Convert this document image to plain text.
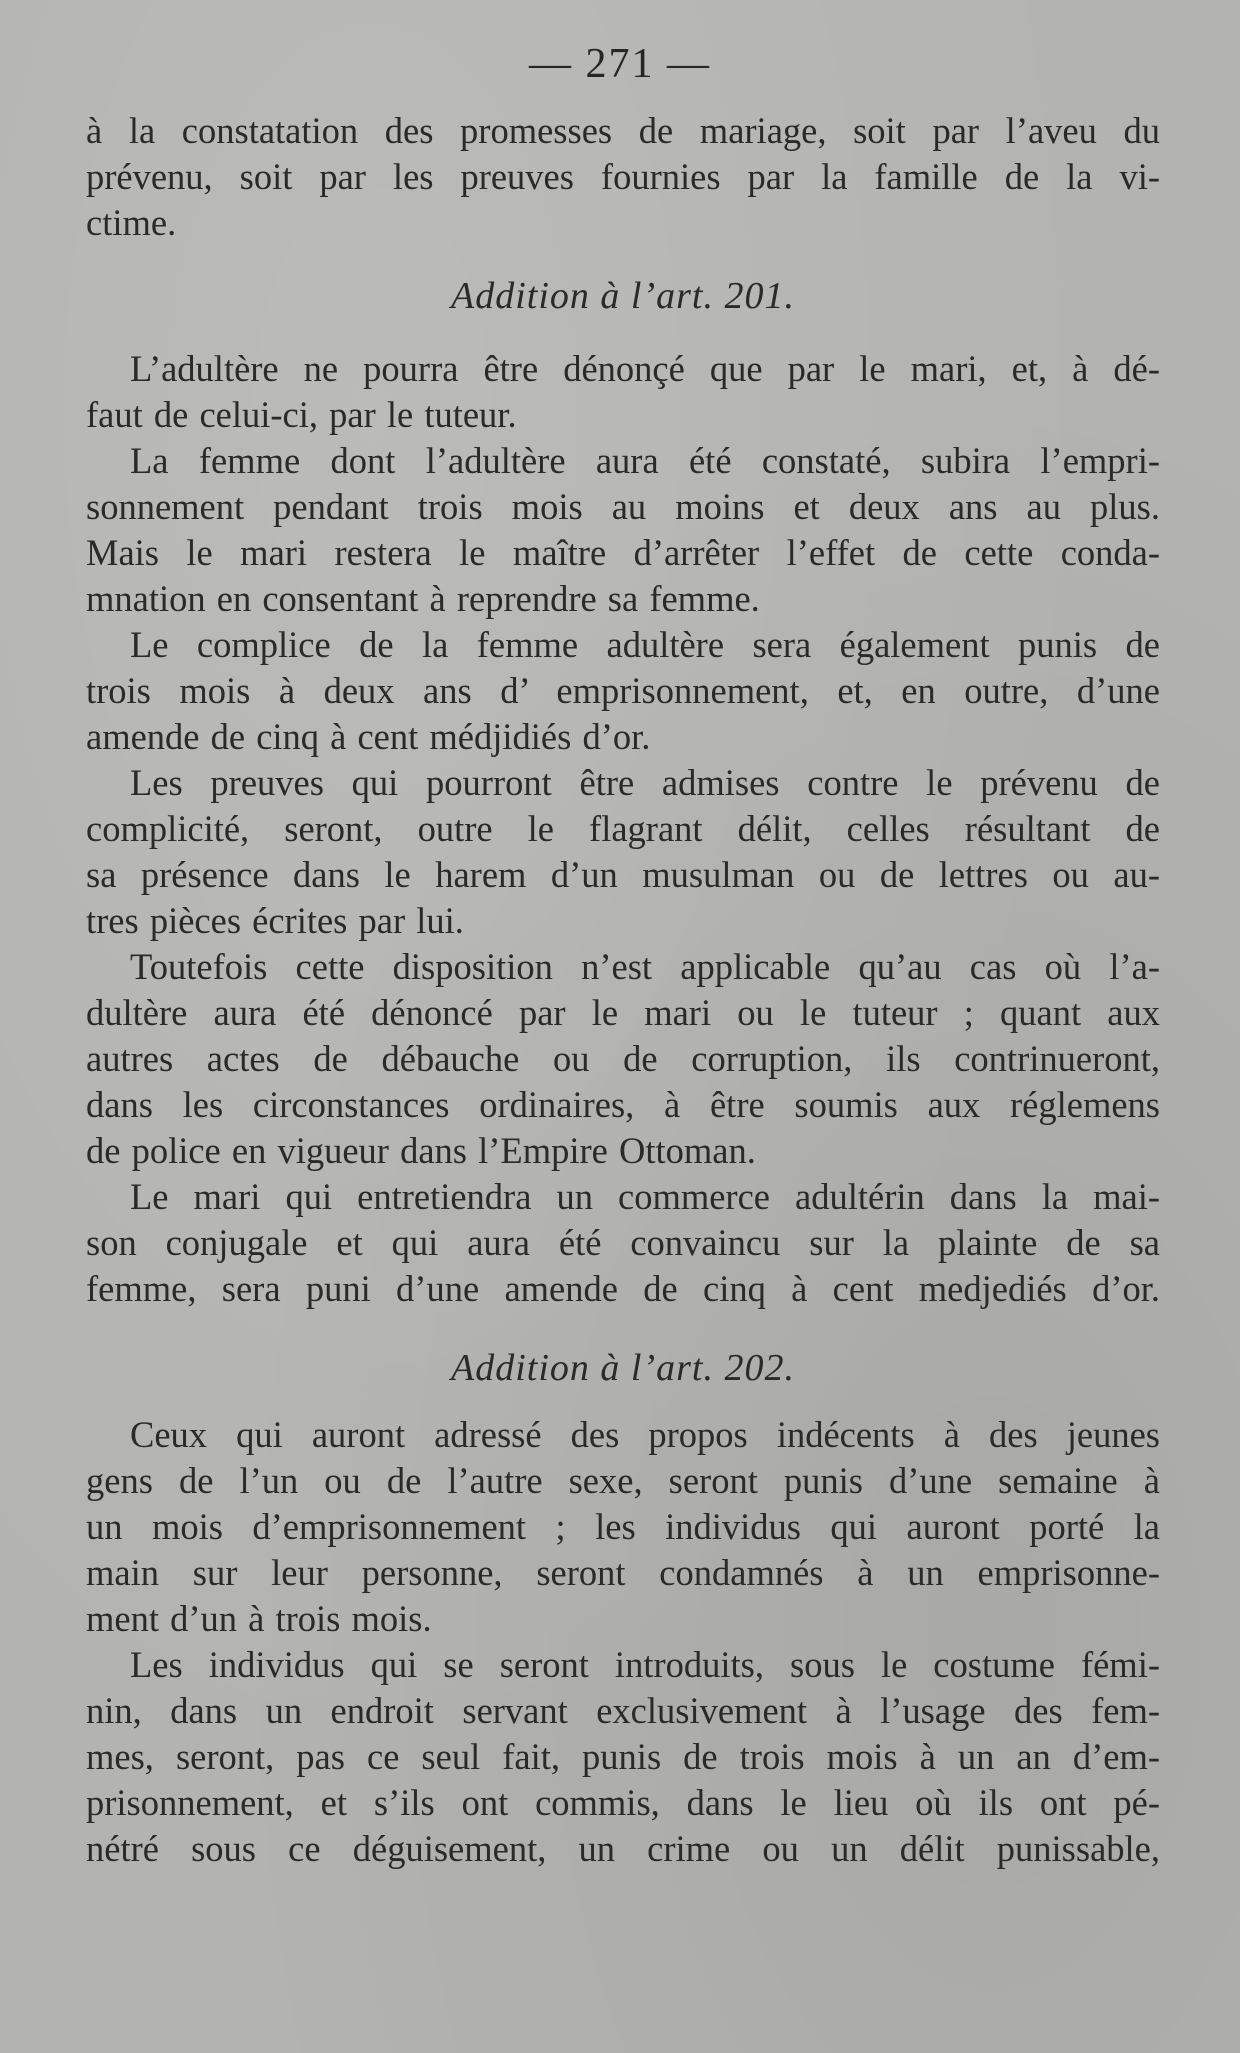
— 271 —
à la constatation des promesses de mariage, soit par l’aveu du
prévenu, soit par les preuves fournies par la famille de la vi-
ctime.
Addition à l’art. 201.
L’adultère ne pourra être dénonçé que par le mari, et, à dé-
faut de celui-ci, par le tuteur.
La femme dont l’adultère aura été constaté, subira l’empri-
sonnement pendant trois mois au moins et deux ans au plus.
Mais le mari restera le maître d’arrêter l’effet de cette conda-
mnation en consentant à reprendre sa femme.
Le complice de la femme adultère sera également punis de
trois mois à deux ans d’ emprisonnement, et, en outre, d’une
amende de cinq à cent médjidiés d’or.
Les preuves qui pourront être admises contre le prévenu de
complicité, seront, outre le flagrant délit, celles résultant de
sa présence dans le harem d’un musulman ou de lettres ou au-
tres pièces écrites par lui.
Toutefois cette disposition n’est applicable qu’au cas où l’a-
dultère aura été dénoncé par le mari ou le tuteur ; quant aux
autres actes de débauche ou de corruption, ils contrinueront,
dans les circonstances ordinaires, à être soumis aux réglemens
de police en vigueur dans l’Empire Ottoman.
Le mari qui entretiendra un commerce adultérin dans la mai-
son conjugale et qui aura été convaincu sur la plainte de sa
femme, sera puni d’une amende de cinq à cent medjediés d’or.
Addition à l’art. 202.
Ceux qui auront adressé des propos indécents à des jeunes
gens de l’un ou de l’autre sexe, seront punis d’une semaine à
un mois d’emprisonnement ; les individus qui auront porté la
main sur leur personne, seront condamnés à un emprisonne-
ment d’un à trois mois.
Les individus qui se seront introduits, sous le costume fémi-
nin, dans un endroit servant exclusivement à l’usage des fem-
mes, seront, pas ce seul fait, punis de trois mois à un an d’em-
prisonnement, et s’ils ont commis, dans le lieu où ils ont pé-
nétré sous ce déguisement, un crime ou un délit punissable,
